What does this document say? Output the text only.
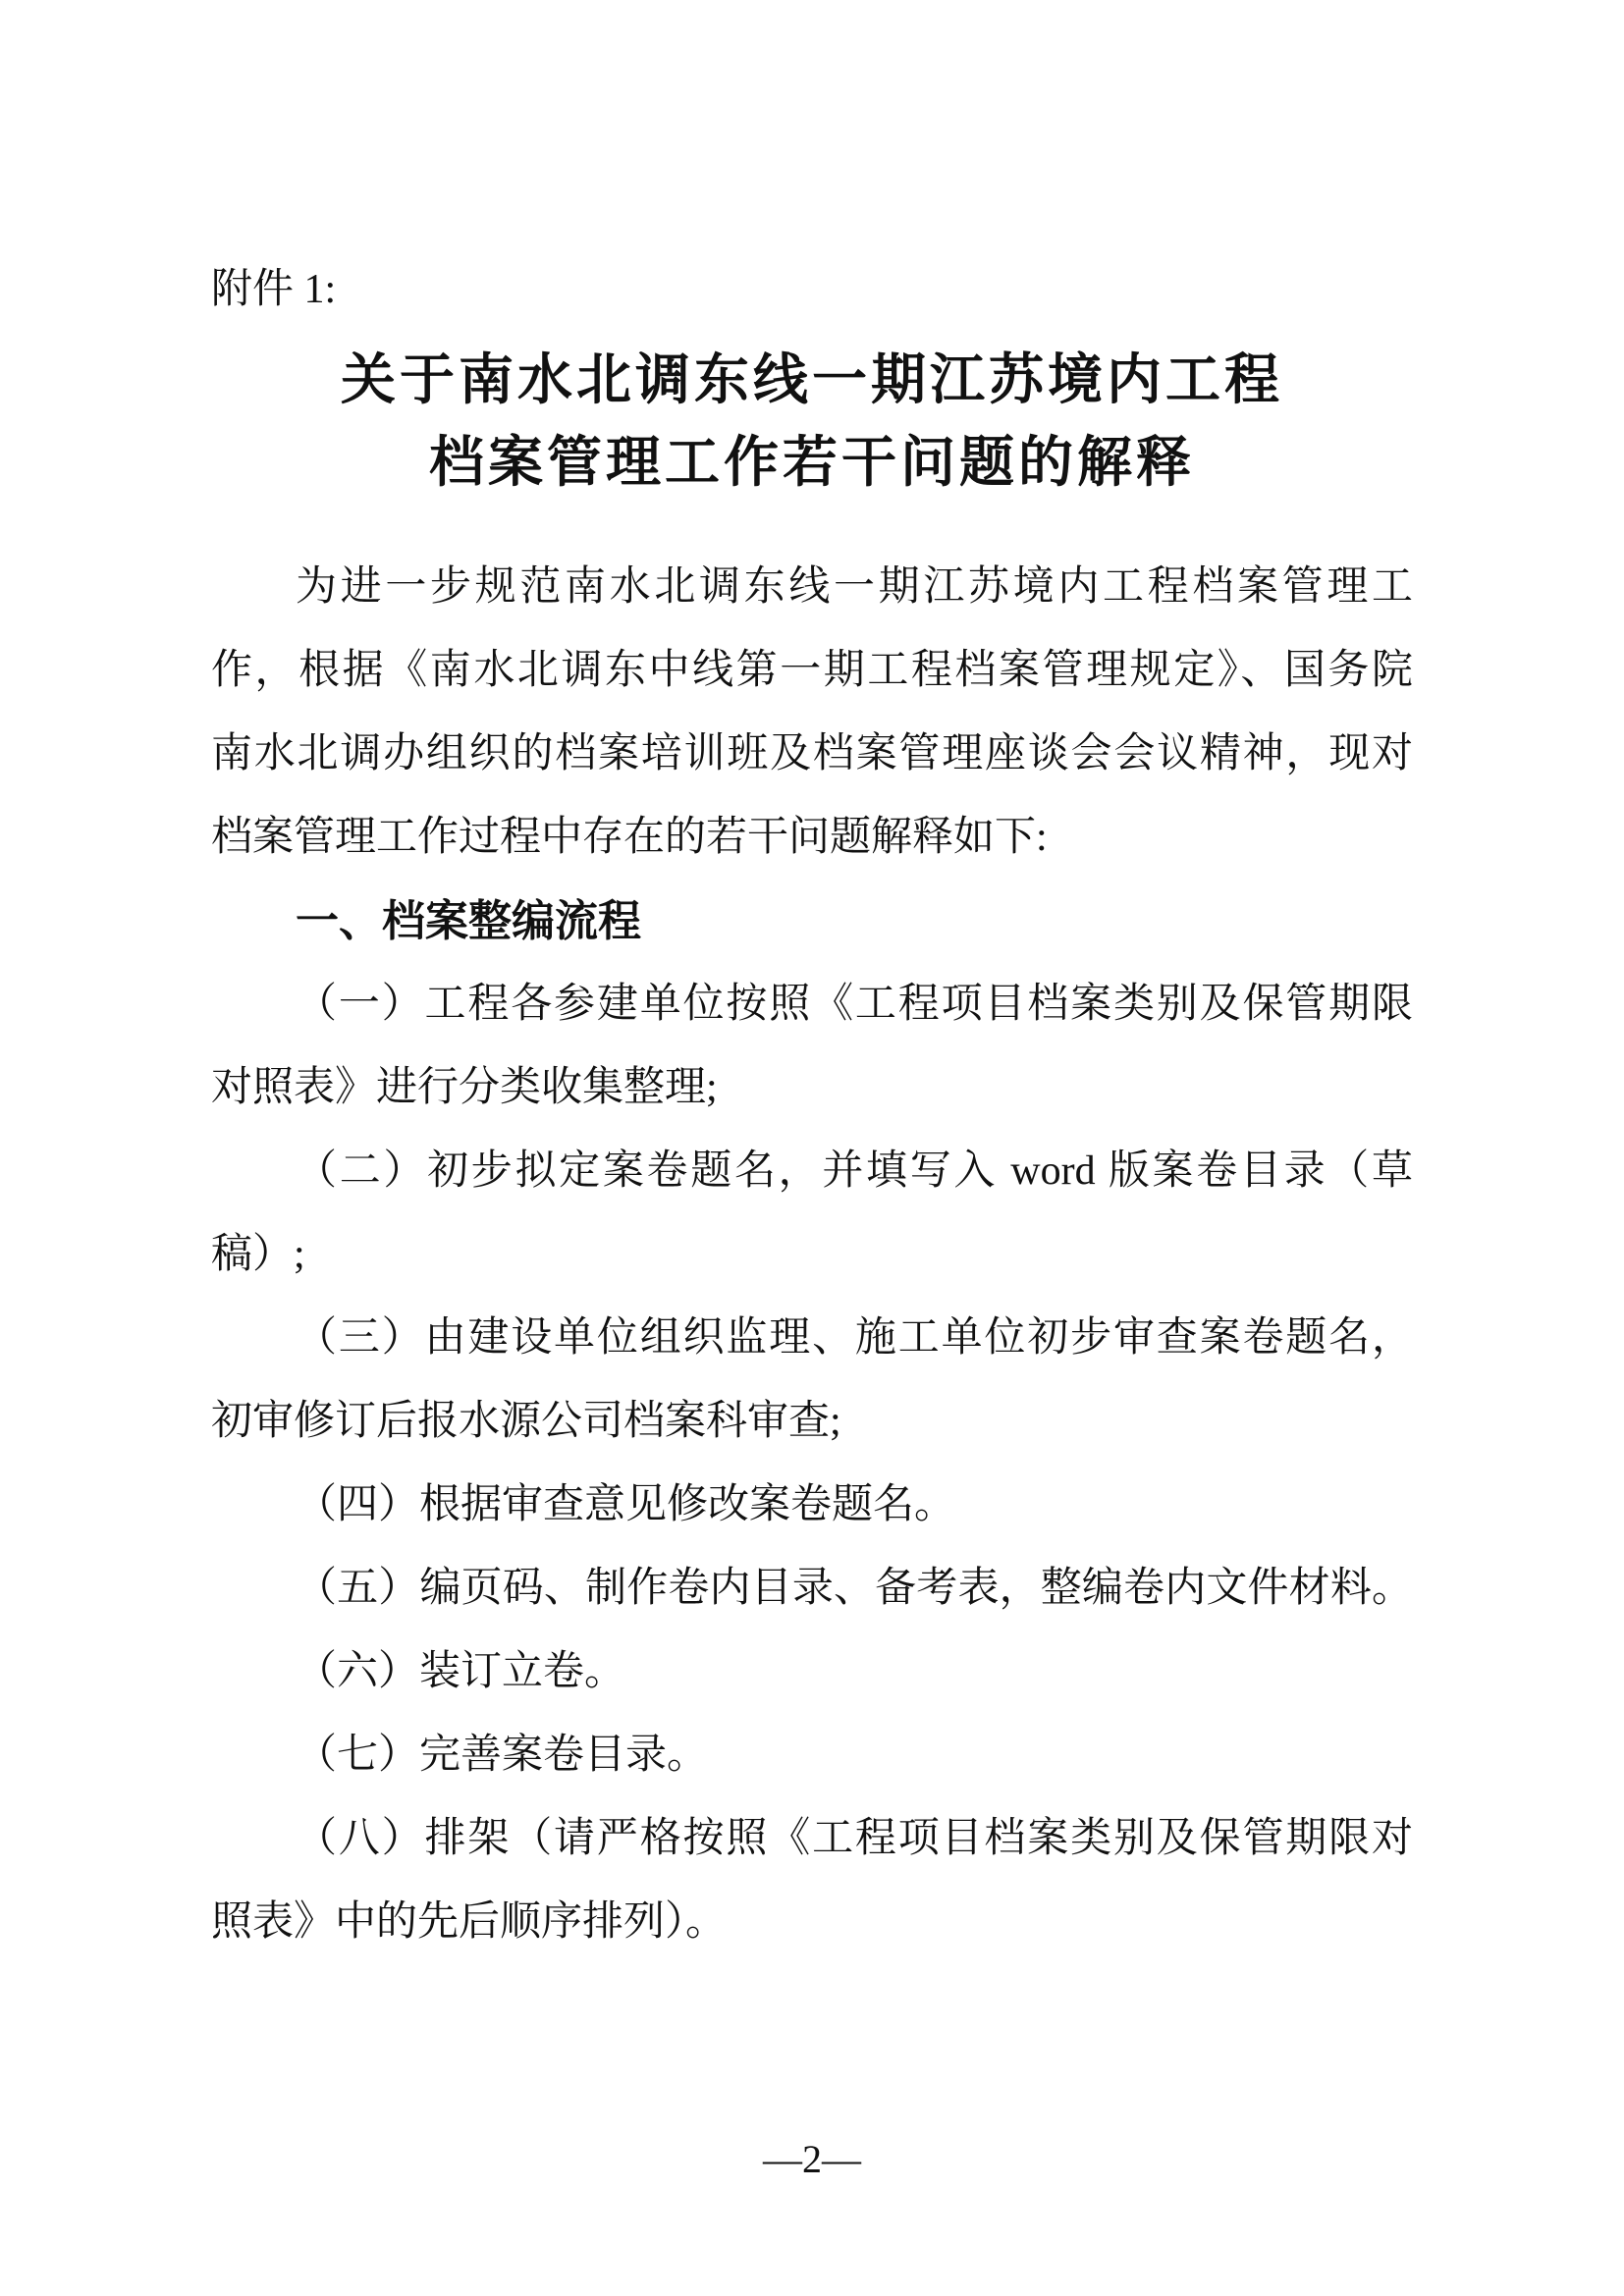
附件 1:
关于南水北调东线一期江苏境内工程
档案管理工作若干问题的解释
为进一步规范南水北调东线一期江苏境内工程档案管理工
作，根据《南水北调东中线第一期工程档案管理规定》、国务院
南水北调办组织的档案培训班及档案管理座谈会会议精神，现对
档案管理工作过程中存在的若干问题解释如下:
一、档案整编流程
（一）工程各参建单位按照《工程项目档案类别及保管期限
对照表》进行分类收集整理;
（二）初步拟定案卷题名，并填写入 word 版案卷目录（草
稿）;
（三）由建设单位组织监理、施工单位初步审查案卷题名，
初审修订后报水源公司档案科审查;
（四）根据审查意见修改案卷题名。
（五）编页码、制作卷内目录、备考表，整编卷内文件材料。
（六）装订立卷。
（七）完善案卷目录。
（八）排架（请严格按照《工程项目档案类别及保管期限对
照表》中的先后顺序排列）。
—2—
